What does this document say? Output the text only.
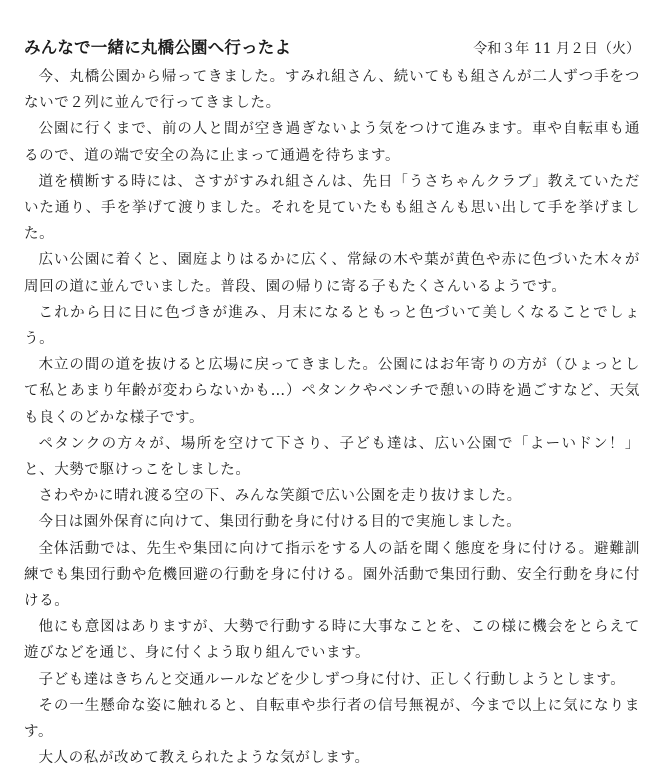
みんなで一緒に丸橋公園へ行ったよ	令和３年 11 月２日（火）

今、丸橋公園から帰ってきました。すみれ組さん、続いてもも組さんが二人ずつ手をつないで２列に並んで行ってきました。

公園に行くまで、前の人と間が空き過ぎないよう気をつけて進みます。車や自転車も通るので、道の端で安全の為に止まって通過を待ちます。

道を横断する時には、さすがすみれ組さんは、先日「うさちゃんクラブ」教えていただいた通り、手を挙げて渡りました。それを見ていたもも組さんも思い出して手を挙げました。

広い公園に着くと、園庭よりはるかに広く、常緑の木や葉が黄色や赤に色づいた木々が周回の道に並んでいました。普段、園の帰りに寄る子もたくさんいるようです。

これから日に日に色づきが進み、月末になるともっと色づいて美しくなることでしょう。

木立の間の道を抜けると広場に戻ってきました。公園にはお年寄りの方が（ひょっとして私とあまり年齢が変わらないかも…）ペタンクやベンチで憩いの時を過ごすなど、天気も良くのどかな様子です。

ペタンクの方々が、場所を空けて下さり、子ども達は、広い公園で「よーいドン！」と、大勢で駆けっこをしました。

さわやかに晴れ渡る空の下、みんな笑顔で広い公園を走り抜けました。

今日は園外保育に向けて、集団行動を身に付ける目的で実施しました。

全体活動では、先生や集団に向けて指示をする人の話を聞く態度を身に付ける。避難訓練でも集団行動や危機回避の行動を身に付ける。園外活動で集団行動、安全行動を身に付ける。

他にも意図はありますが、大勢で行動する時に大事なことを、この様に機会をとらえて遊びなどを通じ、身に付くよう取り組んでいます。

子ども達はきちんと交通ルールなどを少しずつ身に付け、正しく行動しようとします。

その一生懸命な姿に触れると、自転車や歩行者の信号無視が、今まで以上に気になります。

大人の私が改めて教えられたような気がします。
